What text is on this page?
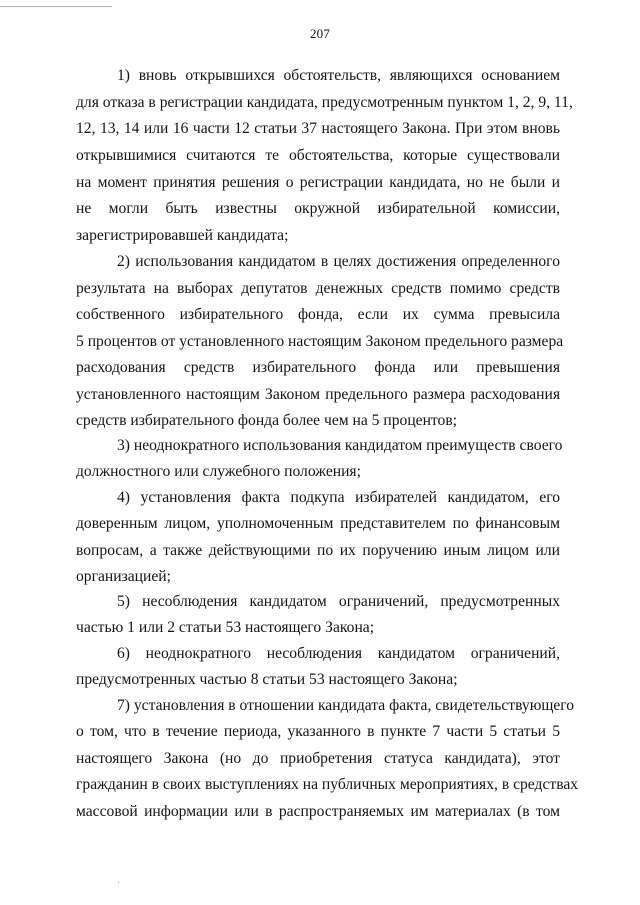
207
1) вновь открывшихся обстоятельств, являющихся основанием
для отказа в регистрации кандидата, предусмотренным пунктом 1, 2, 9, 11,
12, 13, 14 или 16 части 12 статьи 37 настоящего Закона. При этом вновь
открывшимися считаются те обстоятельства, которые существовали
на момент принятия решения о регистрации кандидата, но не были и
не могли быть известны окружной избирательной комиссии,
зарегистрировавшей кандидата;
2) использования кандидатом в целях достижения определенного
результата на выборах депутатов денежных средств помимо средств
собственного избирательного фонда, если их сумма превысила
5 процентов от установленного настоящим Законом предельного размера
расходования средств избирательного фонда или превышения
установленного настоящим Законом предельного размера расходования
средств избирательного фонда более чем на 5 процентов;
3) неоднократного использования кандидатом преимуществ своего
должностного или служебного положения;
4) установления факта подкупа избирателей кандидатом, его
доверенным лицом, уполномоченным представителем по финансовым
вопросам, а также действующими по их поручению иным лицом или
организацией;
5) несоблюдения кандидатом ограничений, предусмотренных
частью 1 или 2 статьи 53 настоящего Закона;
6) неоднократного несоблюдения кандидатом ограничений,
предусмотренных частью 8 статьи 53 настоящего Закона;
7) установления в отношении кандидата факта, свидетельствующего
о том, что в течение периода, указанного в пункте 7 части 5 статьи 5
настоящего Закона (но до приобретения статуса кандидата), этот
гражданин в своих выступлениях на публичных мероприятиях, в средствах
массовой информации или в распространяемых им материалах (в том
